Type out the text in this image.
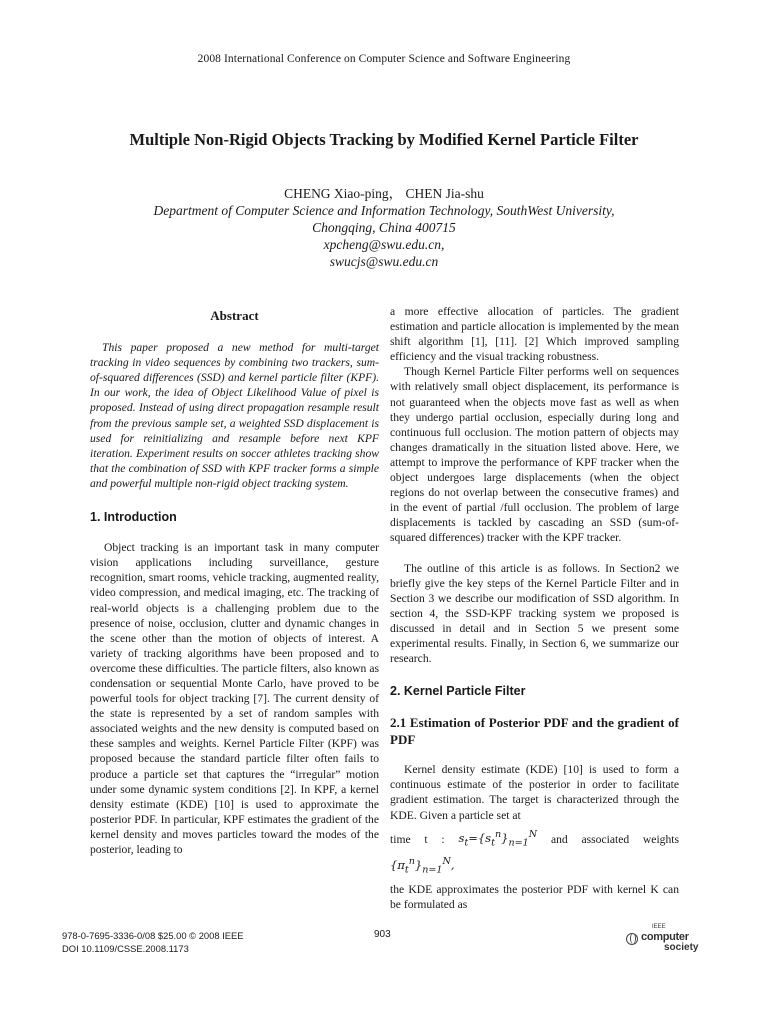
2008 International Conference on Computer Science and Software Engineering
Multiple Non-Rigid Objects Tracking by Modified Kernel Particle Filter
CHENG Xiao-ping， CHEN Jia-shu
Department of Computer Science and Information Technology, SouthWest University,
Chongqing, China 400715
xpcheng@swu.edu.cn,
swucjs@swu.edu.cn
Abstract

This paper proposed a new method for multi-target tracking in video sequences by combining two trackers, sum-of-squared differences (SSD) and kernel particle filter (KPF). In our work, the idea of Object Likelihood Value of pixel is proposed. Instead of using direct propagation resample result from the previous sample set, a weighted SSD displacement is used for reinitializing and resample before next KPF iteration. Experiment results on soccer athletes tracking show that the combination of SSD with KPF tracker forms a simple and powerful multiple non-rigid object tracking system.

1. Introduction

Object tracking is an important task in many computer vision applications including surveillance, gesture recognition, smart rooms, vehicle tracking, augmented reality, video compression, and medical imaging, etc. The tracking of real-world objects is a challenging problem due to the presence of noise, occlusion, clutter and dynamic changes in the scene other than the motion of objects of interest. A variety of tracking algorithms have been proposed and to overcome these difficulties. The particle filters, also known as condensation or sequential Monte Carlo, have proved to be powerful tools for object tracking [7]. The current density of the state is represented by a set of random samples with associated weights and the new density is computed based on these samples and weights. Kernel Particle Filter (KPF) was proposed because the standard particle filter often fails to produce a particle set that captures the “irregular” motion under some dynamic system conditions [2]. In KPF, a kernel density estimate (KDE) [10] is used to approximate the posterior PDF. In particular, KPF estimates the gradient of the kernel density and moves particles toward the modes of the posterior, leading to

a more effective allocation of particles. The gradient estimation and particle allocation is implemented by the mean shift algorithm [1], [11]. [2] Which improved sampling efficiency and the visual tracking robustness.

Though Kernel Particle Filter performs well on sequences with relatively small object displacement, its performance is not guaranteed when the objects move fast as well as when they undergo partial occlusion, especially during long and continuous full occlusion. The motion pattern of objects may changes dramatically in the situation listed above. Here, we attempt to improve the performance of KPF tracker when the object undergoes large displacements (when the object regions do not overlap between the consecutive frames) and in the event of partial /full occlusion. The problem of large displacements is tackled by cascading an SSD (sum-of-squared differences) tracker with the KPF tracker.

The outline of this article is as follows. In Section2 we briefly give the key steps of the Kernel Particle Filter and in Section 3 we describe our modification of SSD algorithm. In section 4, the SSD-KPF tracking system we proposed is discussed in detail and in Section 5 we present some experimental results. Finally, in Section 6, we summarize our research.

2. Kernel Particle Filter
2.1 Estimation of Posterior PDF and the gradient of PDF

Kernel density estimate (KDE) [10] is used to form a continuous estimate of the posterior in order to facilitate gradient estimation. The target is characterized through the KDE. Given a particle set at

time t : $s_t=\{s_t^n\}_{n=1}^N$ and associated weights $\{\pi_t^n\}_{n=1}^N$,

the KDE approximates the posterior PDF with kernel K can be formulated as

978-0-7695-3336-0/08 $25.00 © 2008 IEEE
DOI 10.1109/CSSE.2008.1173
903
IEEE
computer
society
